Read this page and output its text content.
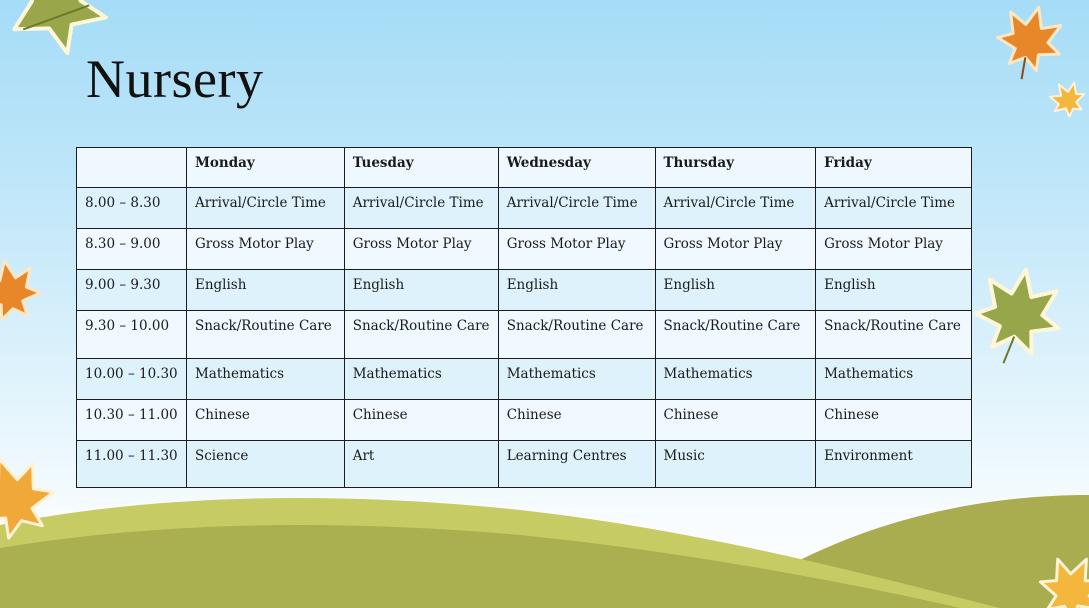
Nursery
	Monday	Tuesday	Wednesday	Thursday	Friday
8.00 – 8.30	Arrival/Circle Time	Arrival/Circle Time	Arrival/Circle Time	Arrival/Circle Time	Arrival/Circle Time
8.30 – 9.00	Gross Motor Play	Gross Motor Play	Gross Motor Play	Gross Motor Play	Gross Motor Play
9.00 – 9.30	English	English	English	English	English
9.30 – 10.00	Snack/Routine Care	Snack/Routine Care	Snack/Routine Care	Snack/Routine Care	Snack/Routine Care
10.00 – 10.30	Mathematics	Mathematics	Mathematics	Mathematics	Mathematics
10.30 – 11.00	Chinese	Chinese	Chinese	Chinese	Chinese
11.00 – 11.30	Science	Art	Learning Centres	Music	Environment
